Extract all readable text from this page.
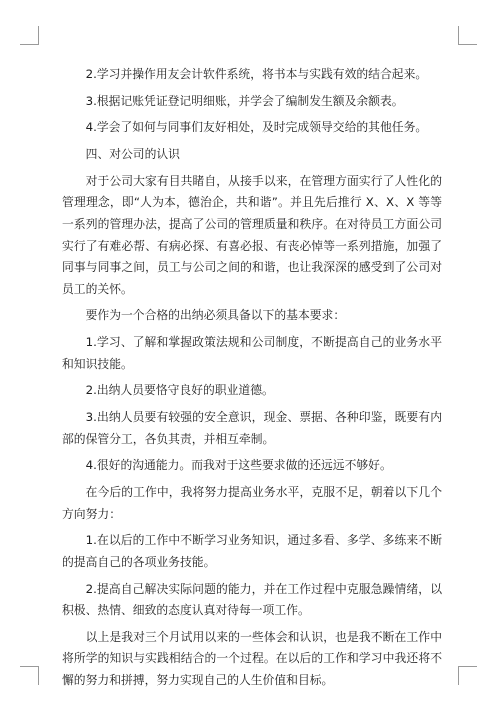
2.学习并操作用友会计软件系统，将书本与实践有效的结合起来。

3.根据记账凭证登记明细账，并学会了编制发生额及余额表。

4.学会了如何与同事们友好相处，及时完成领导交给的其他任务。

四、对公司的认识

对于公司大家有目共睹自，从接手以来，在管理方面实行了人性化的管理理念，即“人为本，德治企，共和谐”。并且先后推行 X、X、X 等等一系列的管理办法，提高了公司的管理质量和秩序。在对待员工方面公司实行了有难必帮、有病必探、有喜必报、有丧必悼等一系列措施，加强了同事与同事之间，员工与公司之间的和谐，也让我深深的感受到了公司对员工的关怀。

要作为一个合格的出纳必须具备以下的基本要求：

1.学习、了解和掌握政策法规和公司制度，不断提高自己的业务水平和知识技能。

2.出纳人员要恪守良好的职业道德。

3.出纳人员要有较强的安全意识，现金、票据、各种印鉴，既要有内部的保管分工，各负其责，并相互牵制。

4.很好的沟通能力。而我对于这些要求做的还远远不够好。

在今后的工作中，我将努力提高业务水平，克服不足，朝着以下几个方向努力：

1.在以后的工作中不断学习业务知识，通过多看、多学、多练来不断的提高自己的各项业务技能。

2.提高自己解决实际问题的能力，并在工作过程中克服急躁情绪，以积极、热情、细致的态度认真对待每一项工作。

以上是我对三个月试用以来的一些体会和认识，也是我不断在工作中将所学的知识与实践相结合的一个过程。在以后的工作和学习中我还将不懈的努力和拼搏，努力实现自己的人生价值和目标。
